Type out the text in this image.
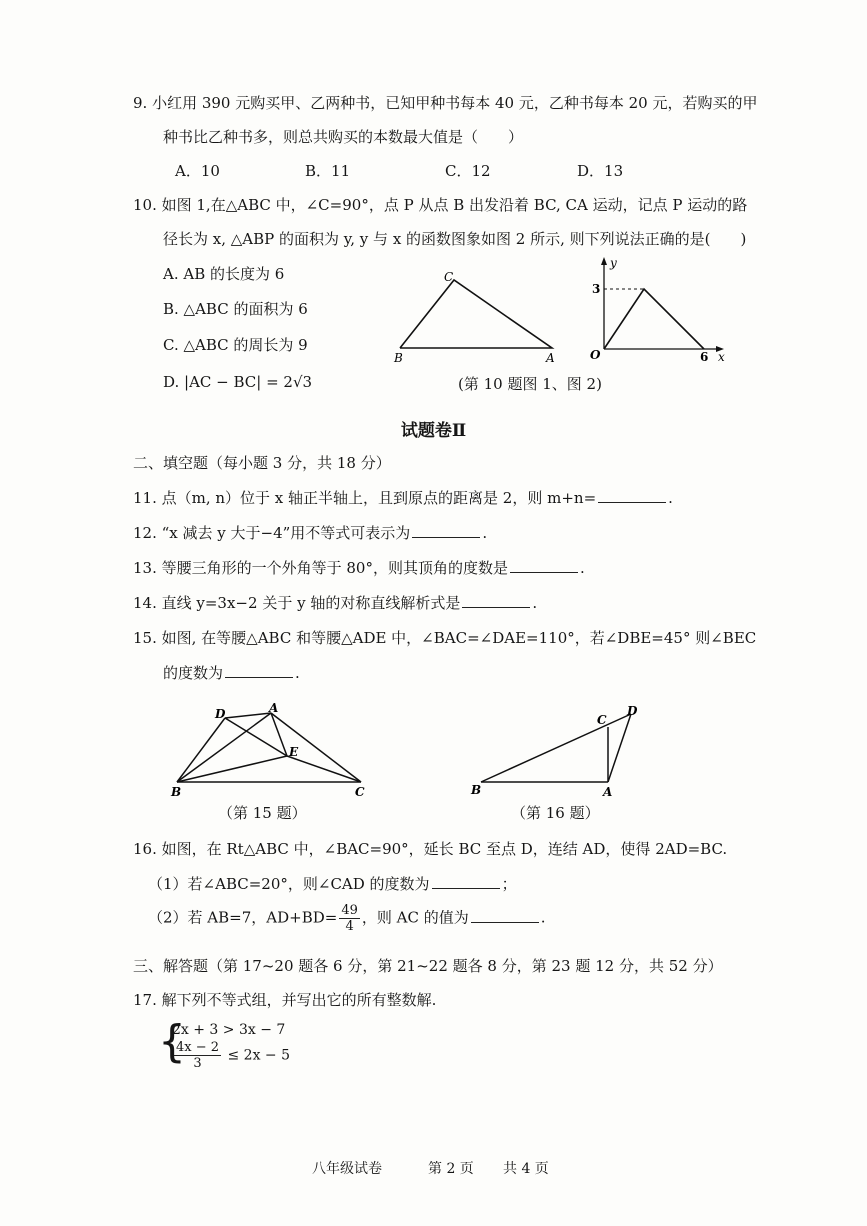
9. 小红用 390 元购买甲、乙两种书，已知甲种书每本 40 元，乙种书每本 20 元，若购买的甲
种书比乙种书多，则总共购买的本数最大值是（　　）
A．10	B．11	C．12	D．13
10. 如图 1,在△ABC 中，∠C=90°，点 P 从点 B 出发沿着 BC, CA 运动，记点 P 运动的路
径长为 x, △ABP 的面积为 y, y 与 x 的函数图象如图 2 所示, 则下列说法正确的是(　　)
A. AB 的长度为 6
B. △ABC 的面积为 6
C. △ABC 的周长为 9
D. |AC − BC| = 2√3
C
B	A
y
x
O
3
6
(第 10 题图 1、图 2)
试题卷Ⅱ
二、填空题（每小题 3 分，共 18 分）
11. 点（m, n）位于 x 轴正半轴上，且到原点的距离是 2，则 m+n=	.
12. “x 减去 y 大于−4”用不等式可表示为	.
13. 等腰三角形的一个外角等于 80°，则其顶角的度数是	.
14. 直线 y=3x−2 关于 y 轴的对称直线解析式是	.
15. 如图, 在等腰△ABC 和等腰△ADE 中，∠BAC=∠DAE=110°，若∠DBE=45° 则∠BEC
的度数为	.
D	A
E
B	C
（第 15 题）
C
D
B	A
（第 16 题）
16. 如图，在 Rt△ABC 中，∠BAC=90°，延长 BC 至点 D，连结 AD，使得 2AD=BC.
（1）若∠ABC=20°，则∠CAD 的度数为	；
（2）若 AB=7，$AD+BD= \frac{49}{4}$ ，则 AC 的值为	.
三、解答题（第 17~20 题各 6 分，第 21~22 题各 8 分，第 23 题 12 分，共 52 分）
17. 解下列不等式组，并写出它的所有整数解.
{
2x + 3 > 3x − 7
$\frac{4x - 2}{3} \le 2x - 5$
八年级试卷	第 2 页 共 4 页
